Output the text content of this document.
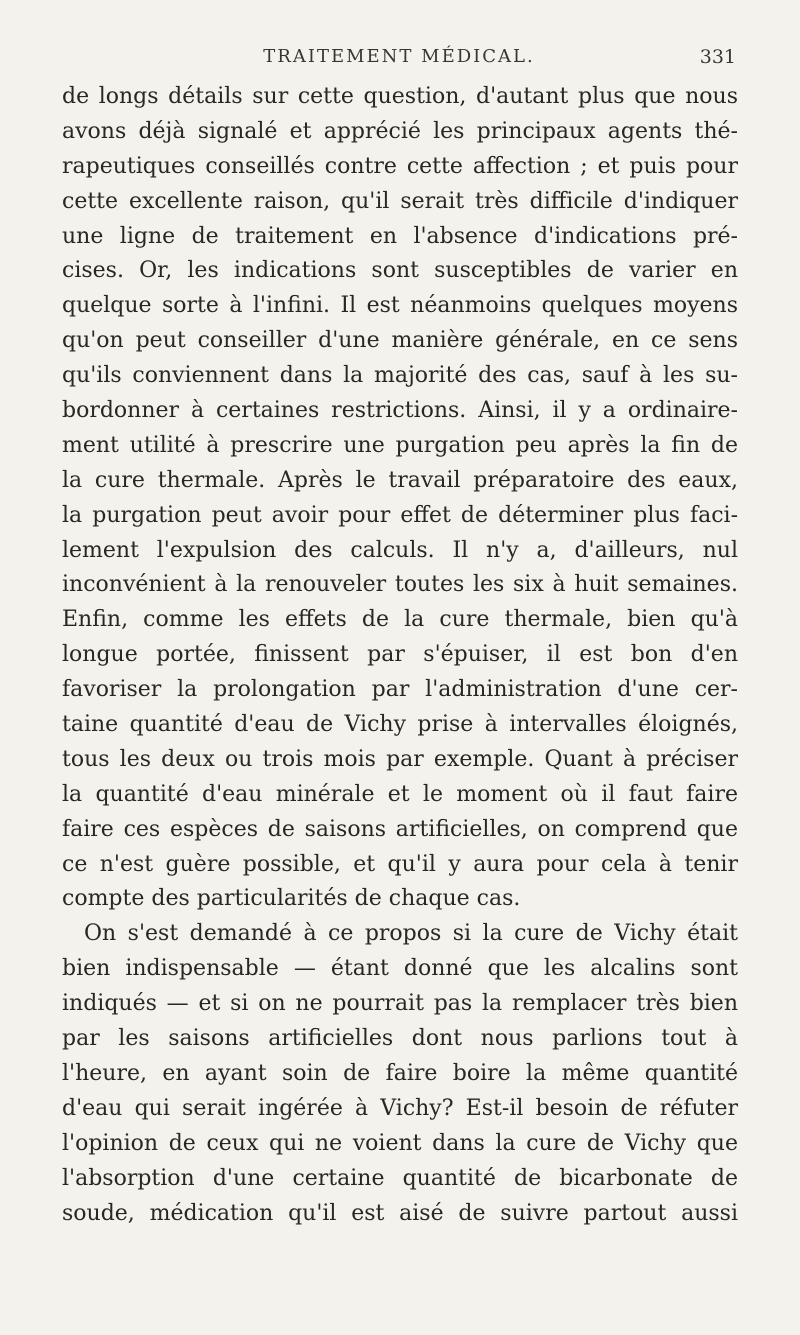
TRAITEMENT MÉDICAL.	331
de longs détails sur cette question, d'autant plus que nous
avons déjà signalé et apprécié les principaux agents thé-
rapeutiques conseillés contre cette affection ; et puis pour
cette excellente raison, qu'il serait très difficile d'indiquer
une ligne de traitement en l'absence d'indications pré-
cises. Or, les indications sont susceptibles de varier en
quelque sorte à l'infini. Il est néanmoins quelques moyens
qu'on peut conseiller d'une manière générale, en ce sens
qu'ils conviennent dans la majorité des cas, sauf à les su-
bordonner à certaines restrictions. Ainsi, il y a ordinaire-
ment utilité à prescrire une purgation peu après la fin de
la cure thermale. Après le travail préparatoire des eaux,
la purgation peut avoir pour effet de déterminer plus faci-
lement l'expulsion des calculs. Il n'y a, d'ailleurs, nul
inconvénient à la renouveler toutes les six à huit semaines.
Enfin, comme les effets de la cure thermale, bien qu'à
longue portée, finissent par s'épuiser, il est bon d'en
favoriser la prolongation par l'administration d'une cer-
taine quantité d'eau de Vichy prise à intervalles éloignés,
tous les deux ou trois mois par exemple. Quant à préciser
la quantité d'eau minérale et le moment où il faut faire
faire ces espèces de saisons artificielles, on comprend que
ce n'est guère possible, et qu'il y aura pour cela à tenir
compte des particularités de chaque cas.
On s'est demandé à ce propos si la cure de Vichy était
bien indispensable — étant donné que les alcalins sont
indiqués — et si on ne pourrait pas la remplacer très bien
par les saisons artificielles dont nous parlions tout à
l'heure, en ayant soin de faire boire la même quantité
d'eau qui serait ingérée à Vichy? Est-il besoin de réfuter
l'opinion de ceux qui ne voient dans la cure de Vichy que
l'absorption d'une certaine quantité de bicarbonate de
soude, médication qu'il est aisé de suivre partout aussi
